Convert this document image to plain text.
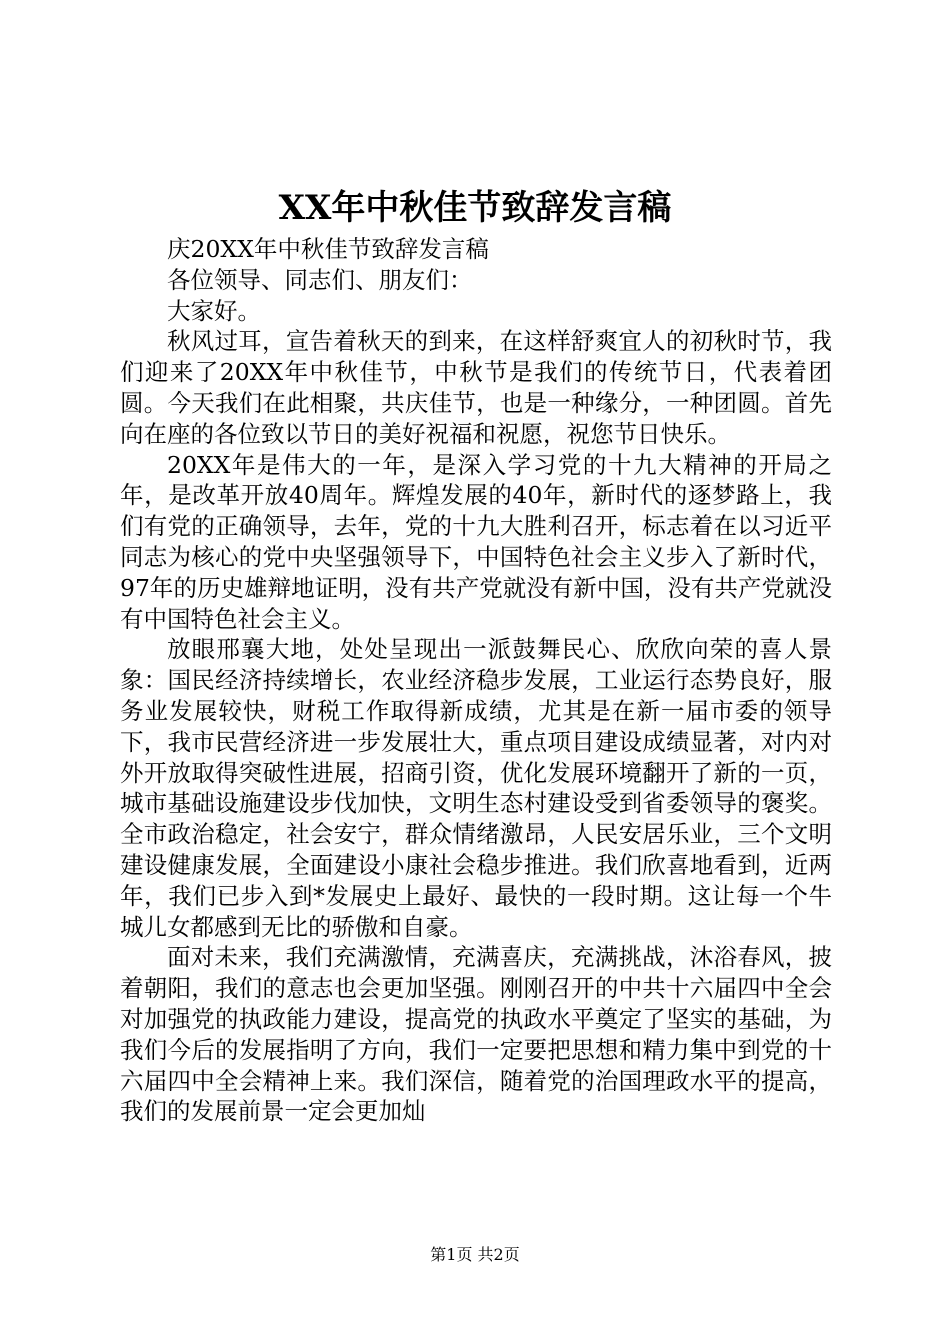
XX年中秋佳节致辞发言稿

庆20XX年中秋佳节致辞发言稿

各位领导、同志们、朋友们：

大家好。

秋风过耳，宣告着秋天的到来，在这样舒爽宜人的初秋时节，我们迎来了20XX年中秋佳节，中秋节是我们的传统节日，代表着团圆。今天我们在此相聚，共庆佳节，也是一种缘分，一种团圆。首先向在座的各位致以节日的美好祝福和祝愿，祝您节日快乐。

20XX年是伟大的一年，是深入学习党的十九大精神的开局之年，是改革开放40周年。辉煌发展的40年，新时代的逐梦路上，我们有党的正确领导，去年，党的十九大胜利召开，标志着在以习近平同志为核心的党中央坚强领导下，中国特色社会主义步入了新时代，97年的历史雄辩地证明，没有共产党就没有新中国，没有共产党就没有中国特色社会主义。

放眼邢襄大地，处处呈现出一派鼓舞民心、欣欣向荣的喜人景象：国民经济持续增长，农业经济稳步发展，工业运行态势良好，服务业发展较快，财税工作取得新成绩，尤其是在新一届市委的领导下，我市民营经济进一步发展壮大，重点项目建设成绩显著，对内对外开放取得突破性进展，招商引资，优化发展环境翻开了新的一页，城市基础设施建设步伐加快，文明生态村建设受到省委领导的褒奖。全市政治稳定，社会安宁，群众情绪激昂，人民安居乐业，三个文明建设健康发展，全面建设小康社会稳步推进。我们欣喜地看到，近两年，我们已步入到*发展史上最好、最快的一段时期。这让每一个牛城儿女都感到无比的骄傲和自豪。

面对未来，我们充满激情，充满喜庆，充满挑战，沐浴春风，披着朝阳，我们的意志也会更加坚强。刚刚召开的中共十六届四中全会对加强党的执政能力建设，提高党的执政水平奠定了坚实的基础，为我们今后的发展指明了方向，我们一定要把思想和精力集中到党的十六届四中全会精神上来。我们深信，随着党的治国理政水平的提高，我们的发展前景一定会更加灿

第1页 共2页
